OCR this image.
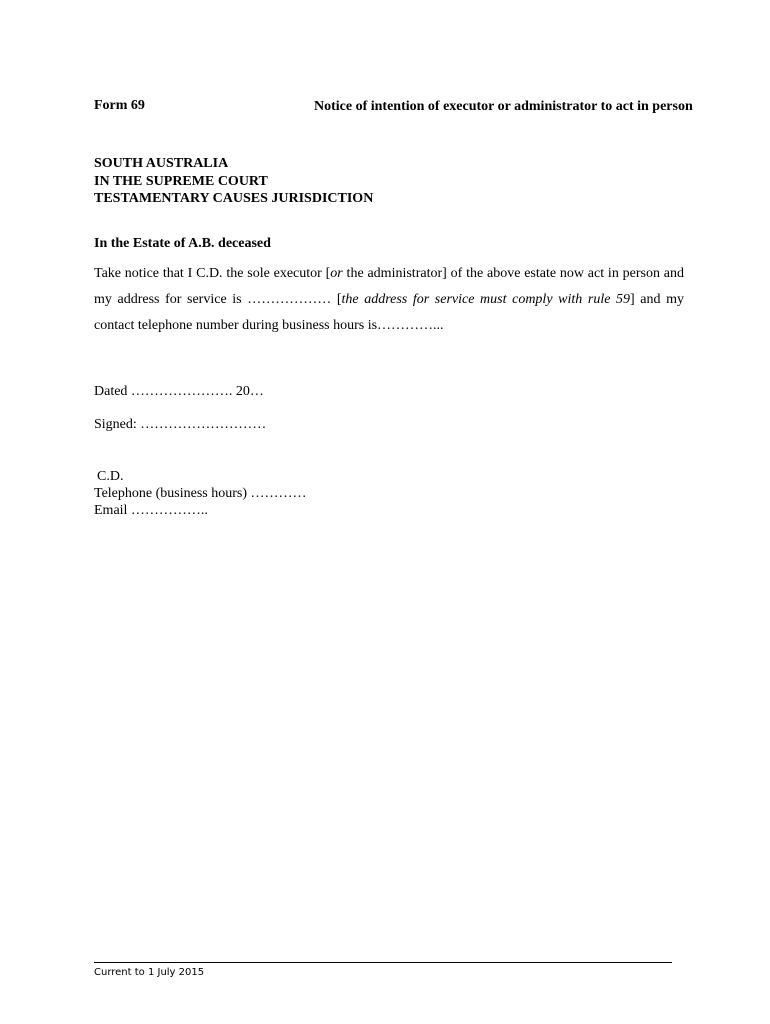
Form 69	Notice of intention of executor or administrator to act in person
SOUTH AUSTRALIA
IN THE SUPREME COURT
TESTAMENTARY CAUSES JURISDICTION
In the Estate of A.B. deceased
Take notice that I C.D. the sole executor [or the administrator] of the above estate now act in person and my address for service is ……………… [the address for service must comply with rule 59] and my contact telephone number during business hours is…………...
Dated …………………. 20…
Signed: ………………………
C.D.
Telephone (business hours) …………
Email ……………..
Current to 1 July 2015
